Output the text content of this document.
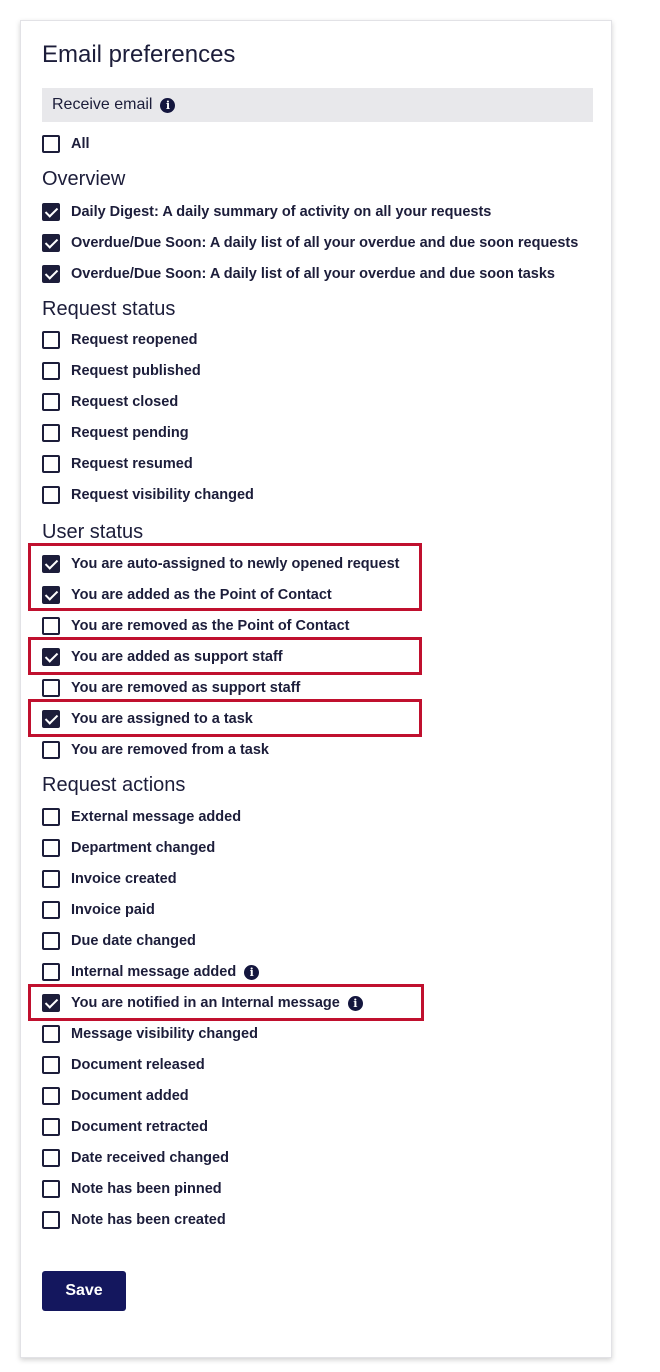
Email preferences
Receive email	i
All
Overview
Daily Digest: A daily summary of activity on all your requests
Overdue/Due Soon: A daily list of all your overdue and due soon requests
Overdue/Due Soon: A daily list of all your overdue and due soon tasks
Request status
Request reopened
Request published
Request closed
Request pending
Request resumed
Request visibility changed
User status
You are auto-assigned to newly opened request
You are added as the Point of Contact
You are removed as the Point of Contact
You are added as support staff
You are removed as support staff
You are assigned to a task
You are removed from a task
Request actions
External message added
Department changed
Invoice created
Invoice paid
Due date changed
Internal message added	i
You are notified in an Internal message	i
Message visibility changed
Document released
Document added
Document retracted
Date received changed
Note has been pinned
Note has been created
Save
